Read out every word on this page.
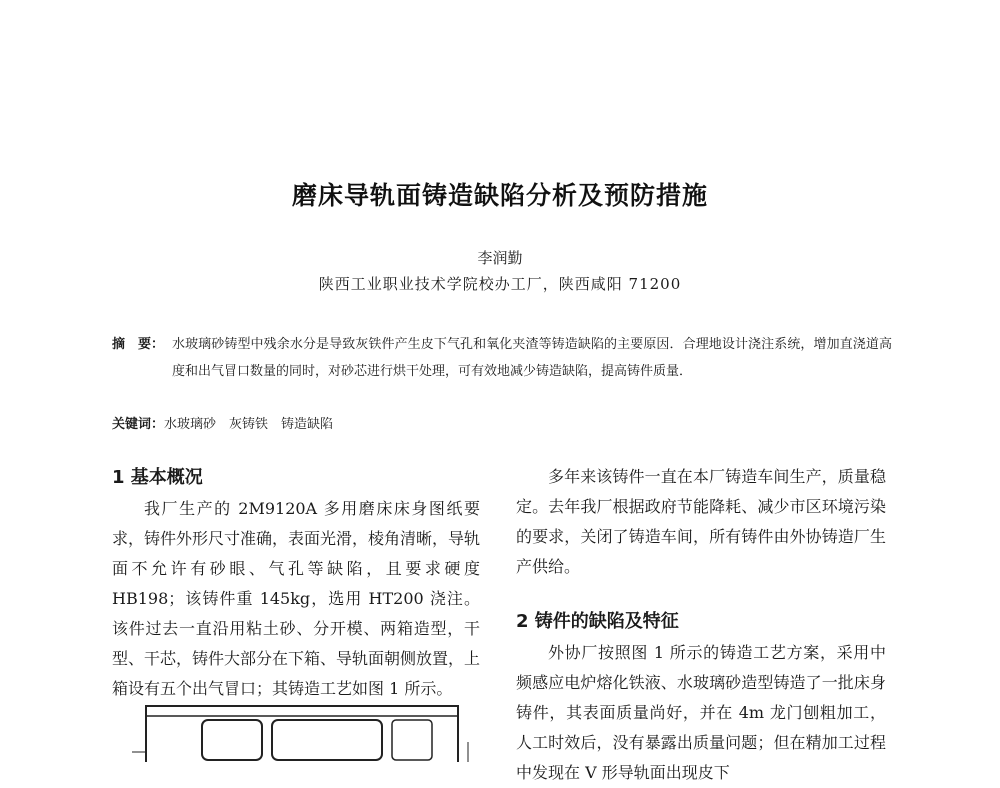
磨床导轨面铸造缺陷分析及预防措施
李润勤
陕西工业职业技术学院校办工厂，陕西咸阳 71200
摘　要： 水玻璃砂铸型中残余水分是导致灰铁件产生皮下气孔和氧化夹渣等铸造缺陷的主要原因．合理地设计浇注系统，增加直浇道高度和出气冒口数量的同时，对砂芯进行烘干处理，可有效地减少铸造缺陷，提高铸件质量．
关键词：水玻璃砂　灰铸铁　铸造缺陷
1 基本概况

我厂生产的 2M9120A 多用磨床床身图纸要求，铸件外形尺寸准确，表面光滑，棱角清晰，导轨面不允许有砂眼、气孔等缺陷，且要求硬度HB198；该铸件重 145kg，选用 HT200 浇注。该件过去一直沿用粘土砂、分开模、两箱造型，干型、干芯，铸件大部分在下箱、导轨面朝侧放置，上箱设有五个出气冒口；其铸造工艺如图 1 所示。

多年来该铸件一直在本厂铸造车间生产，质量稳定。去年我厂根据政府节能降耗、减少市区环境污染的要求，关闭了铸造车间，所有铸件由外协铸造厂生产供给。

2 铸件的缺陷及特征

外协厂按照图 1 所示的铸造工艺方案，采用中频感应电炉熔化铁液、水玻璃砂造型铸造了一批床身铸件，其表面质量尚好，并在 4m 龙门刨粗加工，人工时效后，没有暴露出质量问题；但在精加工过程中发现在 V 形导轨面出现皮下
